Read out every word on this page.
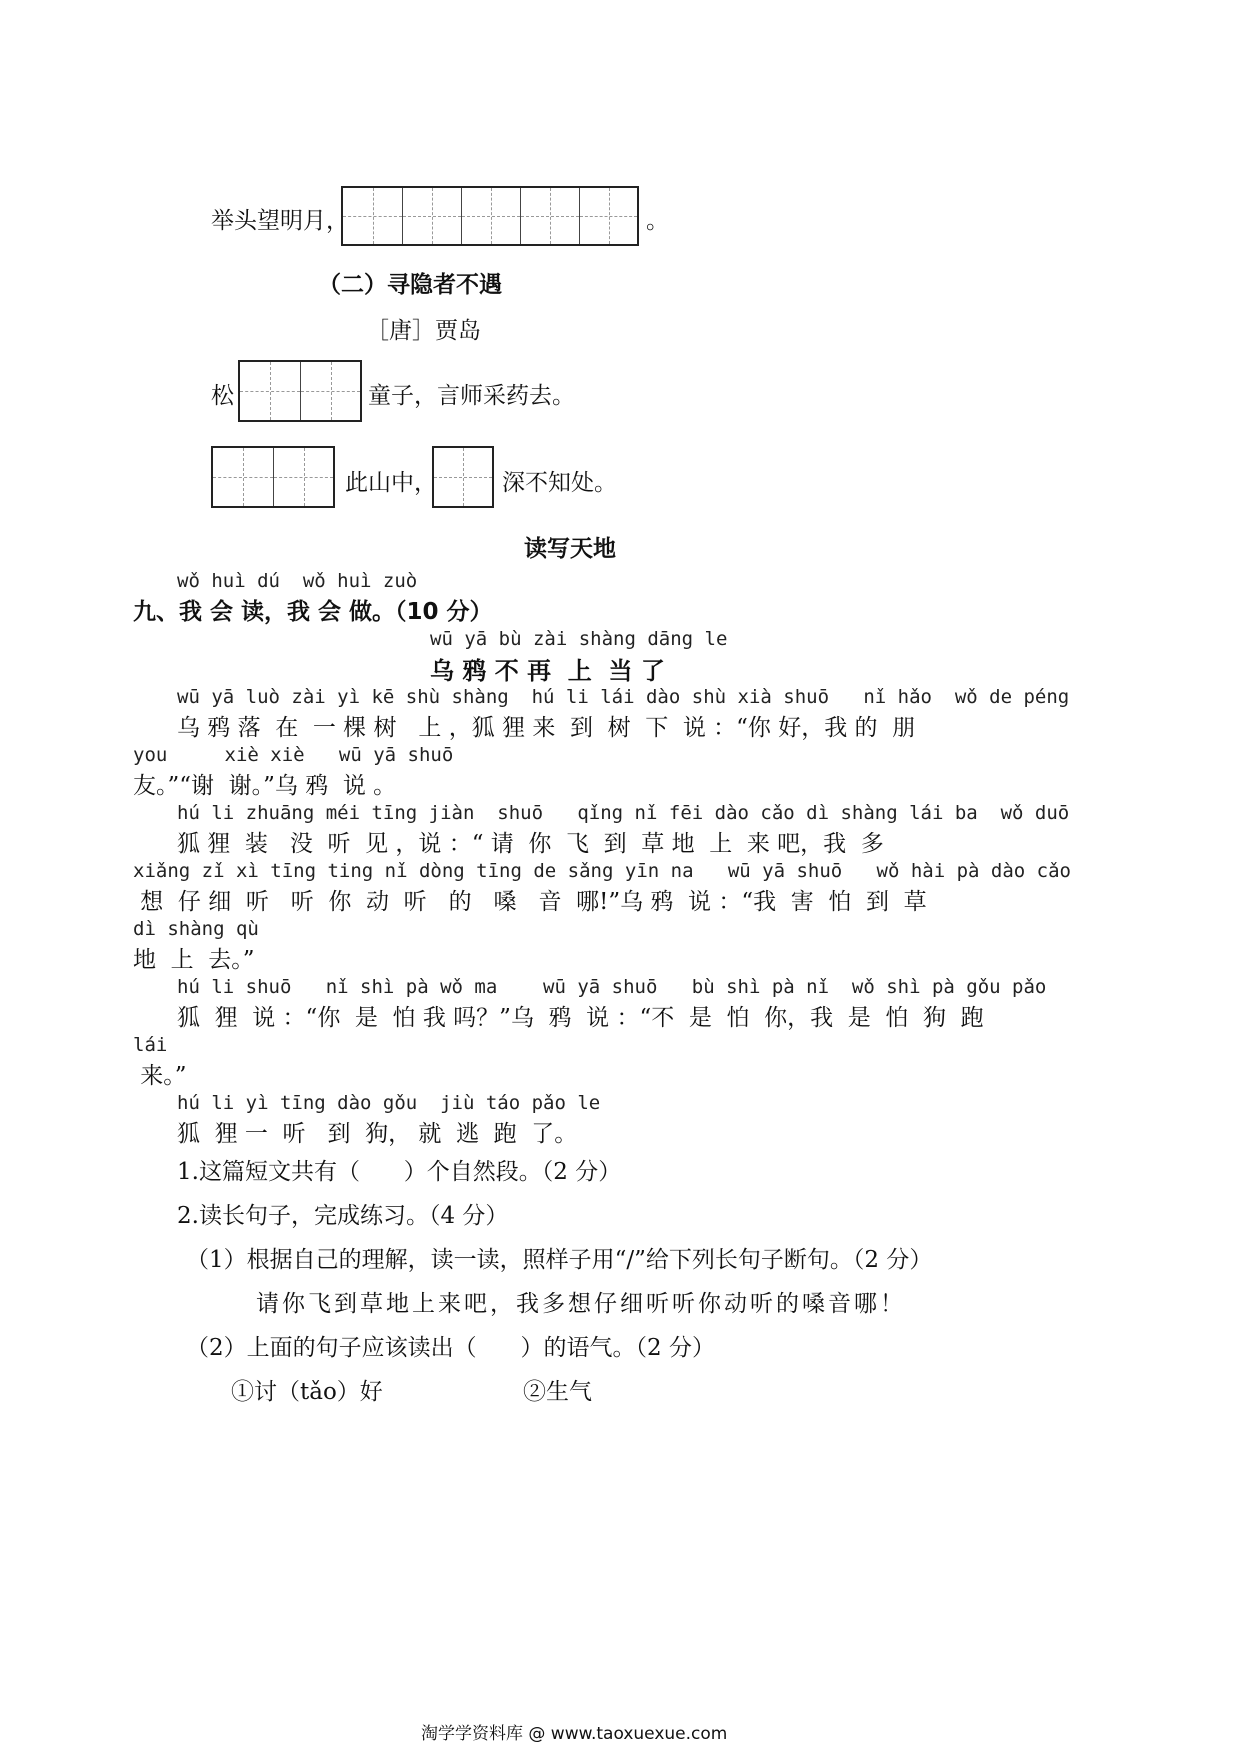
举头望明月，	。
（二）寻隐者不遇
［唐］贾岛
松	童子，言师采药去。
此山中，	深不知处。
读写天地
wǒ huì dú  wǒ huì zuò
九、我 会 读，我 会 做。（10 分）
wū yā bù zài shàng dāng le
乌 鸦 不 再  上  当 了
wū yā luò zài yì kē shù shàng  hú li lái dào shù xià shuō   nǐ hǎo  wǒ de péng
乌 鸦 落  在  一 棵 树   上 ，狐 狸 来  到  树  下  说 ：“你 好，我 的  朋
you     xiè xiè   wū yā shuō
友。”“谢  谢。”乌 鸦  说 。
hú li zhuāng méi tīng jiàn  shuō   qǐng nǐ fēi dào cǎo dì shàng lái ba  wǒ duō
狐 狸  装   没  听  见 ，说 ：“ 请  你  飞  到  草 地  上  来 吧，我  多
xiǎng zǐ xì tīng ting nǐ dòng tīng de sǎng yīn na   wū yā shuō   wǒ hài pà dào cǎo
想  仔 细  听   听  你  动  听   的   嗓   音  哪!”乌 鸦  说 ：“我  害  怕  到  草
dì shàng qù
地  上  去。”
hú li shuō   nǐ shì pà wǒ ma    wū yā shuō   bù shì pà nǐ  wǒ shì pà gǒu pǎo
狐  狸  说 ：“你  是  怕 我 吗？”乌  鸦  说 ：“不  是  怕  你，我  是  怕  狗  跑
lái
来。”
hú li yì tīng dào gǒu  jiù táo pǎo le
狐  狸 一  听   到  狗， 就  逃  跑  了。
1.这篇短文共有（      ）个自然段。（2 分）
2.读长句子，完成练习。（4 分）
（1）根据自己的理解，读一读，照样子用“/”给下列长句子断句。（2 分）
请你飞到草地上来吧，我多想仔细听听你动听的嗓音哪！
（2）上面的句子应该读出（      ）的语气。（2 分）
①讨（tǎo）好	②生气
淘学学资料库 @ www.taoxuexue.com
